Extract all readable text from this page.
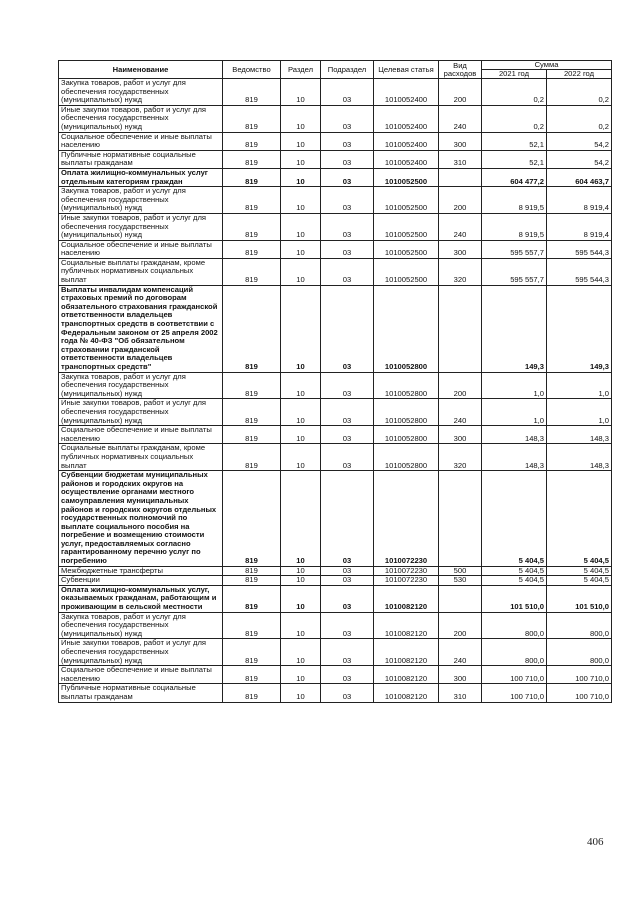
Наименование	Ведомство	Раздел	Подраздел	Целевая статья	Вид расходов	Сумма	
						2021 год	2022 год
Закупка товаров, работ и услуг для обеспечения государственных (муниципальных) нужд	819	10	03	1010052400	200	0,2	0,2
Иные закупки товаров, работ и услуг для обеспечения государственных (муниципальных) нужд	819	10	03	1010052400	240	0,2	0,2
Социальное обеспечение и иные выплаты населению	819	10	03	1010052400	300	52,1	54,2
Публичные нормативные социальные выплаты гражданам	819	10	03	1010052400	310	52,1	54,2
Оплата жилищно-коммунальных услуг отдельным категориям граждан	819	10	03	1010052500		604 477,2	604 463,7
Закупка товаров, работ и услуг для обеспечения государственных (муниципальных) нужд	819	10	03	1010052500	200	8 919,5	8 919,4
Иные закупки товаров, работ и услуг для обеспечения государственных (муниципальных) нужд	819	10	03	1010052500	240	8 919,5	8 919,4
Социальное обеспечение и иные выплаты населению	819	10	03	1010052500	300	595 557,7	595 544,3
Социальные выплаты гражданам, кроме публичных нормативных социальных выплат	819	10	03	1010052500	320	595 557,7	595 544,3
Выплаты инвалидам компенсаций страховых премий по договорам обязательного страхования гражданской ответственности владельцев транспортных средств в соответствии с Федеральным законом от 25 апреля 2002 года № 40-ФЗ "Об обязательном страховании гражданской ответственности владельцев транспортных средств"	819	10	03	1010052800		149,3	149,3
Закупка товаров, работ и услуг для обеспечения государственных (муниципальных) нужд	819	10	03	1010052800	200	1,0	1,0
Иные закупки товаров, работ и услуг для обеспечения государственных (муниципальных) нужд	819	10	03	1010052800	240	1,0	1,0
Социальное обеспечение и иные выплаты населению	819	10	03	1010052800	300	148,3	148,3
Социальные выплаты гражданам, кроме публичных нормативных социальных выплат	819	10	03	1010052800	320	148,3	148,3
Субвенции бюджетам муниципальных районов и городских округов на осуществление органами местного самоуправления муниципальных районов и городских округов отдельных государственных полномочий по выплате социального пособия на погребение и возмещению стоимости услуг, предоставляемых согласно гарантированному перечню услуг по погребению	819	10	03	1010072230		5 404,5	5 404,5
Межбюджетные трансферты	819	10	03	1010072230	500	5 404,5	5 404,5
Субвенции	819	10	03	1010072230	530	5 404,5	5 404,5
Оплата жилищно-коммунальных услуг, оказываемых гражданам, работающим и проживающим в сельской местности	819	10	03	1010082120		101 510,0	101 510,0
Закупка товаров, работ и услуг для обеспечения государственных (муниципальных) нужд	819	10	03	1010082120	200	800,0	800,0
Иные закупки товаров, работ и услуг для обеспечения государственных (муниципальных) нужд	819	10	03	1010082120	240	800,0	800,0
Социальное обеспечение и иные выплаты населению	819	10	03	1010082120	300	100 710,0	100 710,0
Публичные нормативные социальные выплаты гражданам	819	10	03	1010082120	310	100 710,0	100 710,0
406
